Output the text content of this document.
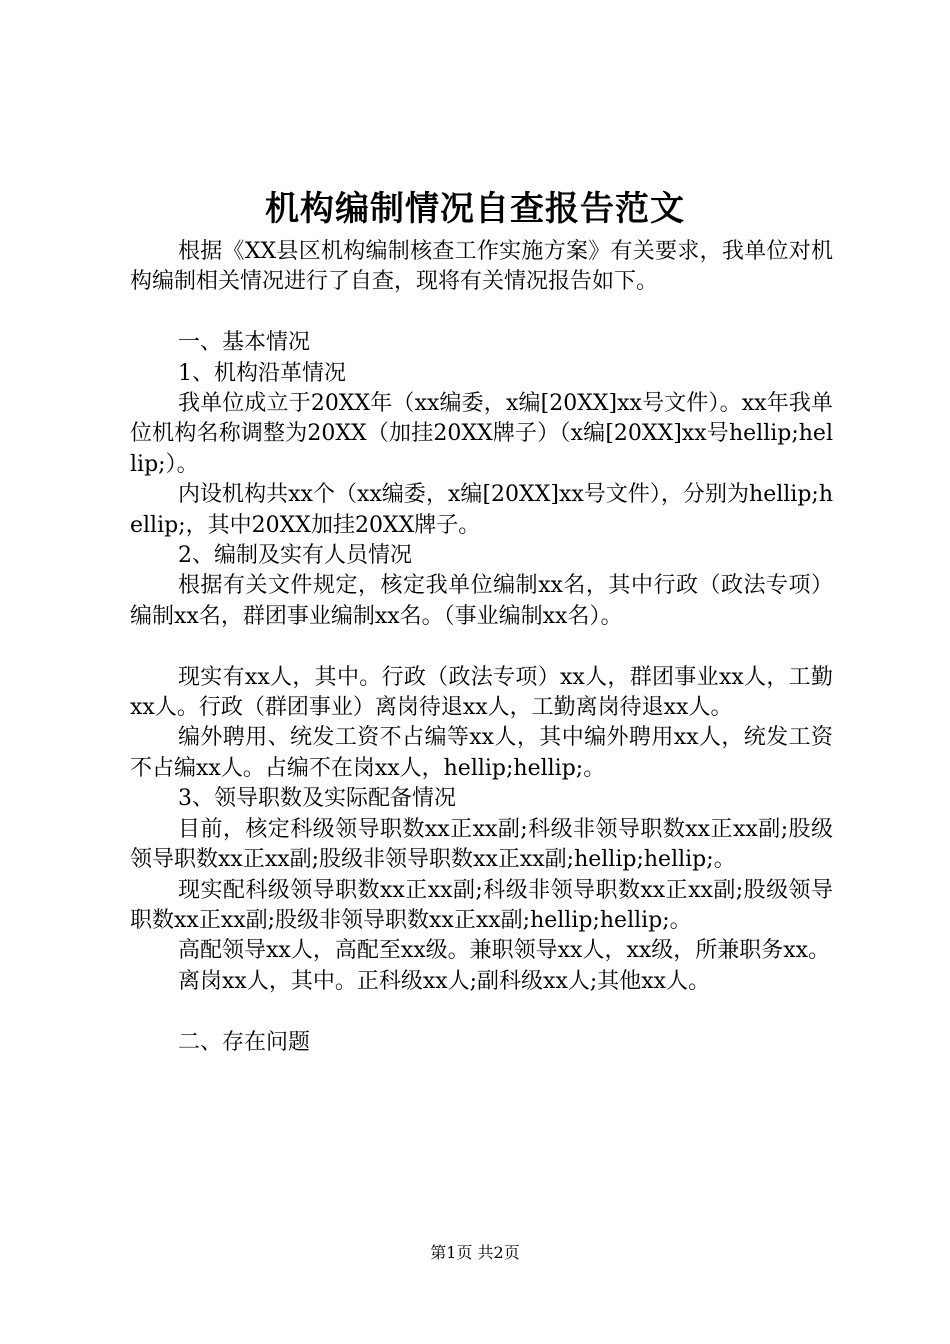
机构编制情况自查报告范文

根据《XX县区机构编制核查工作实施方案》有关要求，我单位对机构编制相关情况进行了自查，现将有关情况报告如下。

一、基本情况

1、机构沿革情况

我单位成立于20XX年（xx编委，x编[20XX]xx号文件）。xx年我单位机构名称调整为20XX（加挂20XX牌子）（x编[20XX]xx号hellip;hellip;）。

内设机构共xx个（xx编委，x编[20XX]xx号文件），分别为hellip;hellip;，其中20XX加挂20XX牌子。

2、编制及实有人员情况

根据有关文件规定，核定我单位编制xx名，其中行政（政法专项）编制xx名，群团事业编制xx名。（事业编制xx名）。

现实有xx人，其中。行政（政法专项）xx人，群团事业xx人，工勤xx人。行政（群团事业）离岗待退xx人，工勤离岗待退xx人。

编外聘用、统发工资不占编等xx人，其中编外聘用xx人，统发工资不占编xx人。占编不在岗xx人，hellip;hellip;。

3、领导职数及实际配备情况

目前，核定科级领导职数xx正xx副;科级非领导职数xx正xx副;股级领导职数xx正xx副;股级非领导职数xx正xx副;hellip;hellip;。

现实配科级领导职数xx正xx副;科级非领导职数xx正xx副;股级领导职数xx正xx副;股级非领导职数xx正xx副;hellip;hellip;。

高配领导xx人，高配至xx级。兼职领导xx人，xx级，所兼职务xx。

离岗xx人，其中。正科级xx人;副科级xx人;其他xx人。

二、存在问题

第1页 共2页
